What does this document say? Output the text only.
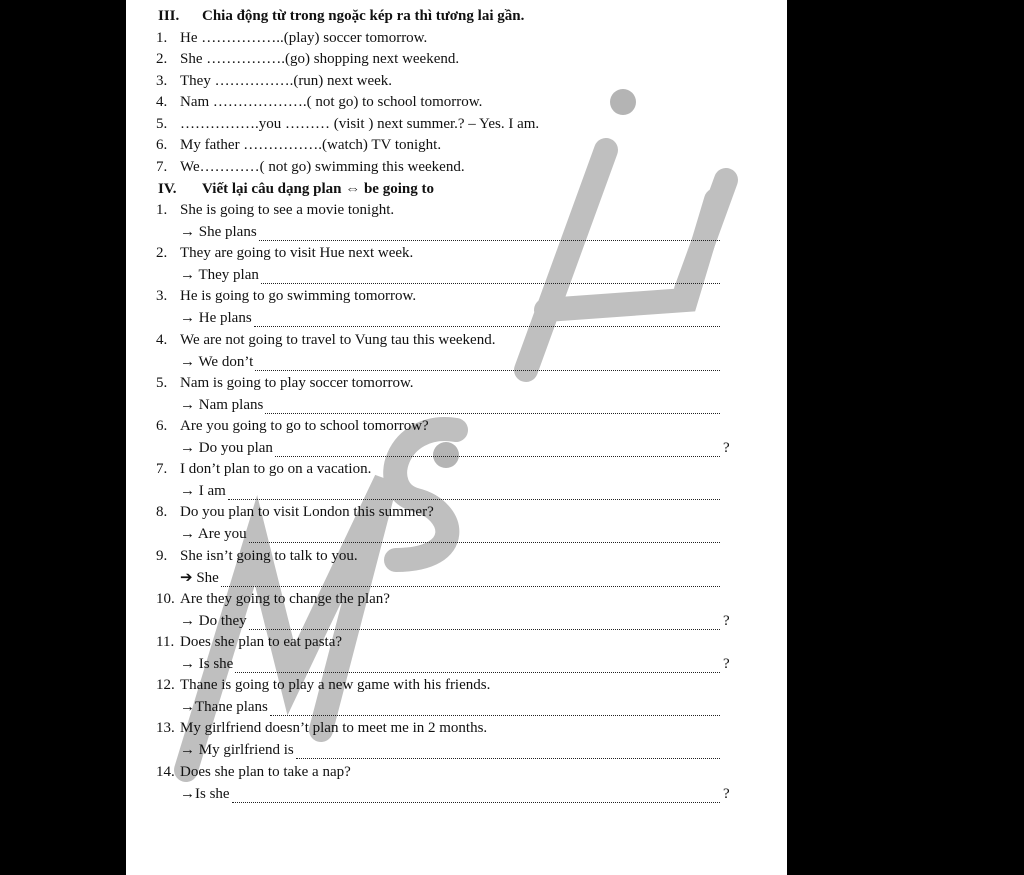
III. Chia động từ trong ngoặc kép ra thì tương lai gần.
1. He ……………..(play) soccer tomorrow.
2. She …………….(go) shopping next weekend.
3. They …………….(run) next week.
4. Nam ……………….( not go) to school tomorrow.
5. …………….you ……… (visit ) next summer.? – Yes. I am.
6. My father …………….(watch) TV tonight.
7. We…………( not go) swimming this weekend.
IV. Viết lại câu dạng plan ⇔ be going to
1. She is going to see a movie tonight.
→ She plans
2. They are going to visit Hue next week.
→ They plan
3. He is going to go swimming tomorrow.
→ He plans
4. We are not going to travel to Vung tau this weekend.
→ We don’t
5. Nam is going to play soccer tomorrow.
→ Nam plans
6. Are you going to go to school tomorrow?
→ Do you plan	?
7. I don’t plan to go on a vacation.
→ I am
8. Do you plan to visit London this summer?
→ Are you
9. She isn’t going to talk to you.
➔ She
10. Are they going to change the plan?
→ Do they	?
11. Does she plan to eat pasta?
→ Is she	?
12. Thane is going to play a new game with his friends.
→Thane plans
13. My girlfriend doesn’t plan to meet me in 2 months.
→ My girlfriend is
14. Does she plan to take a nap?
→Is she	?
